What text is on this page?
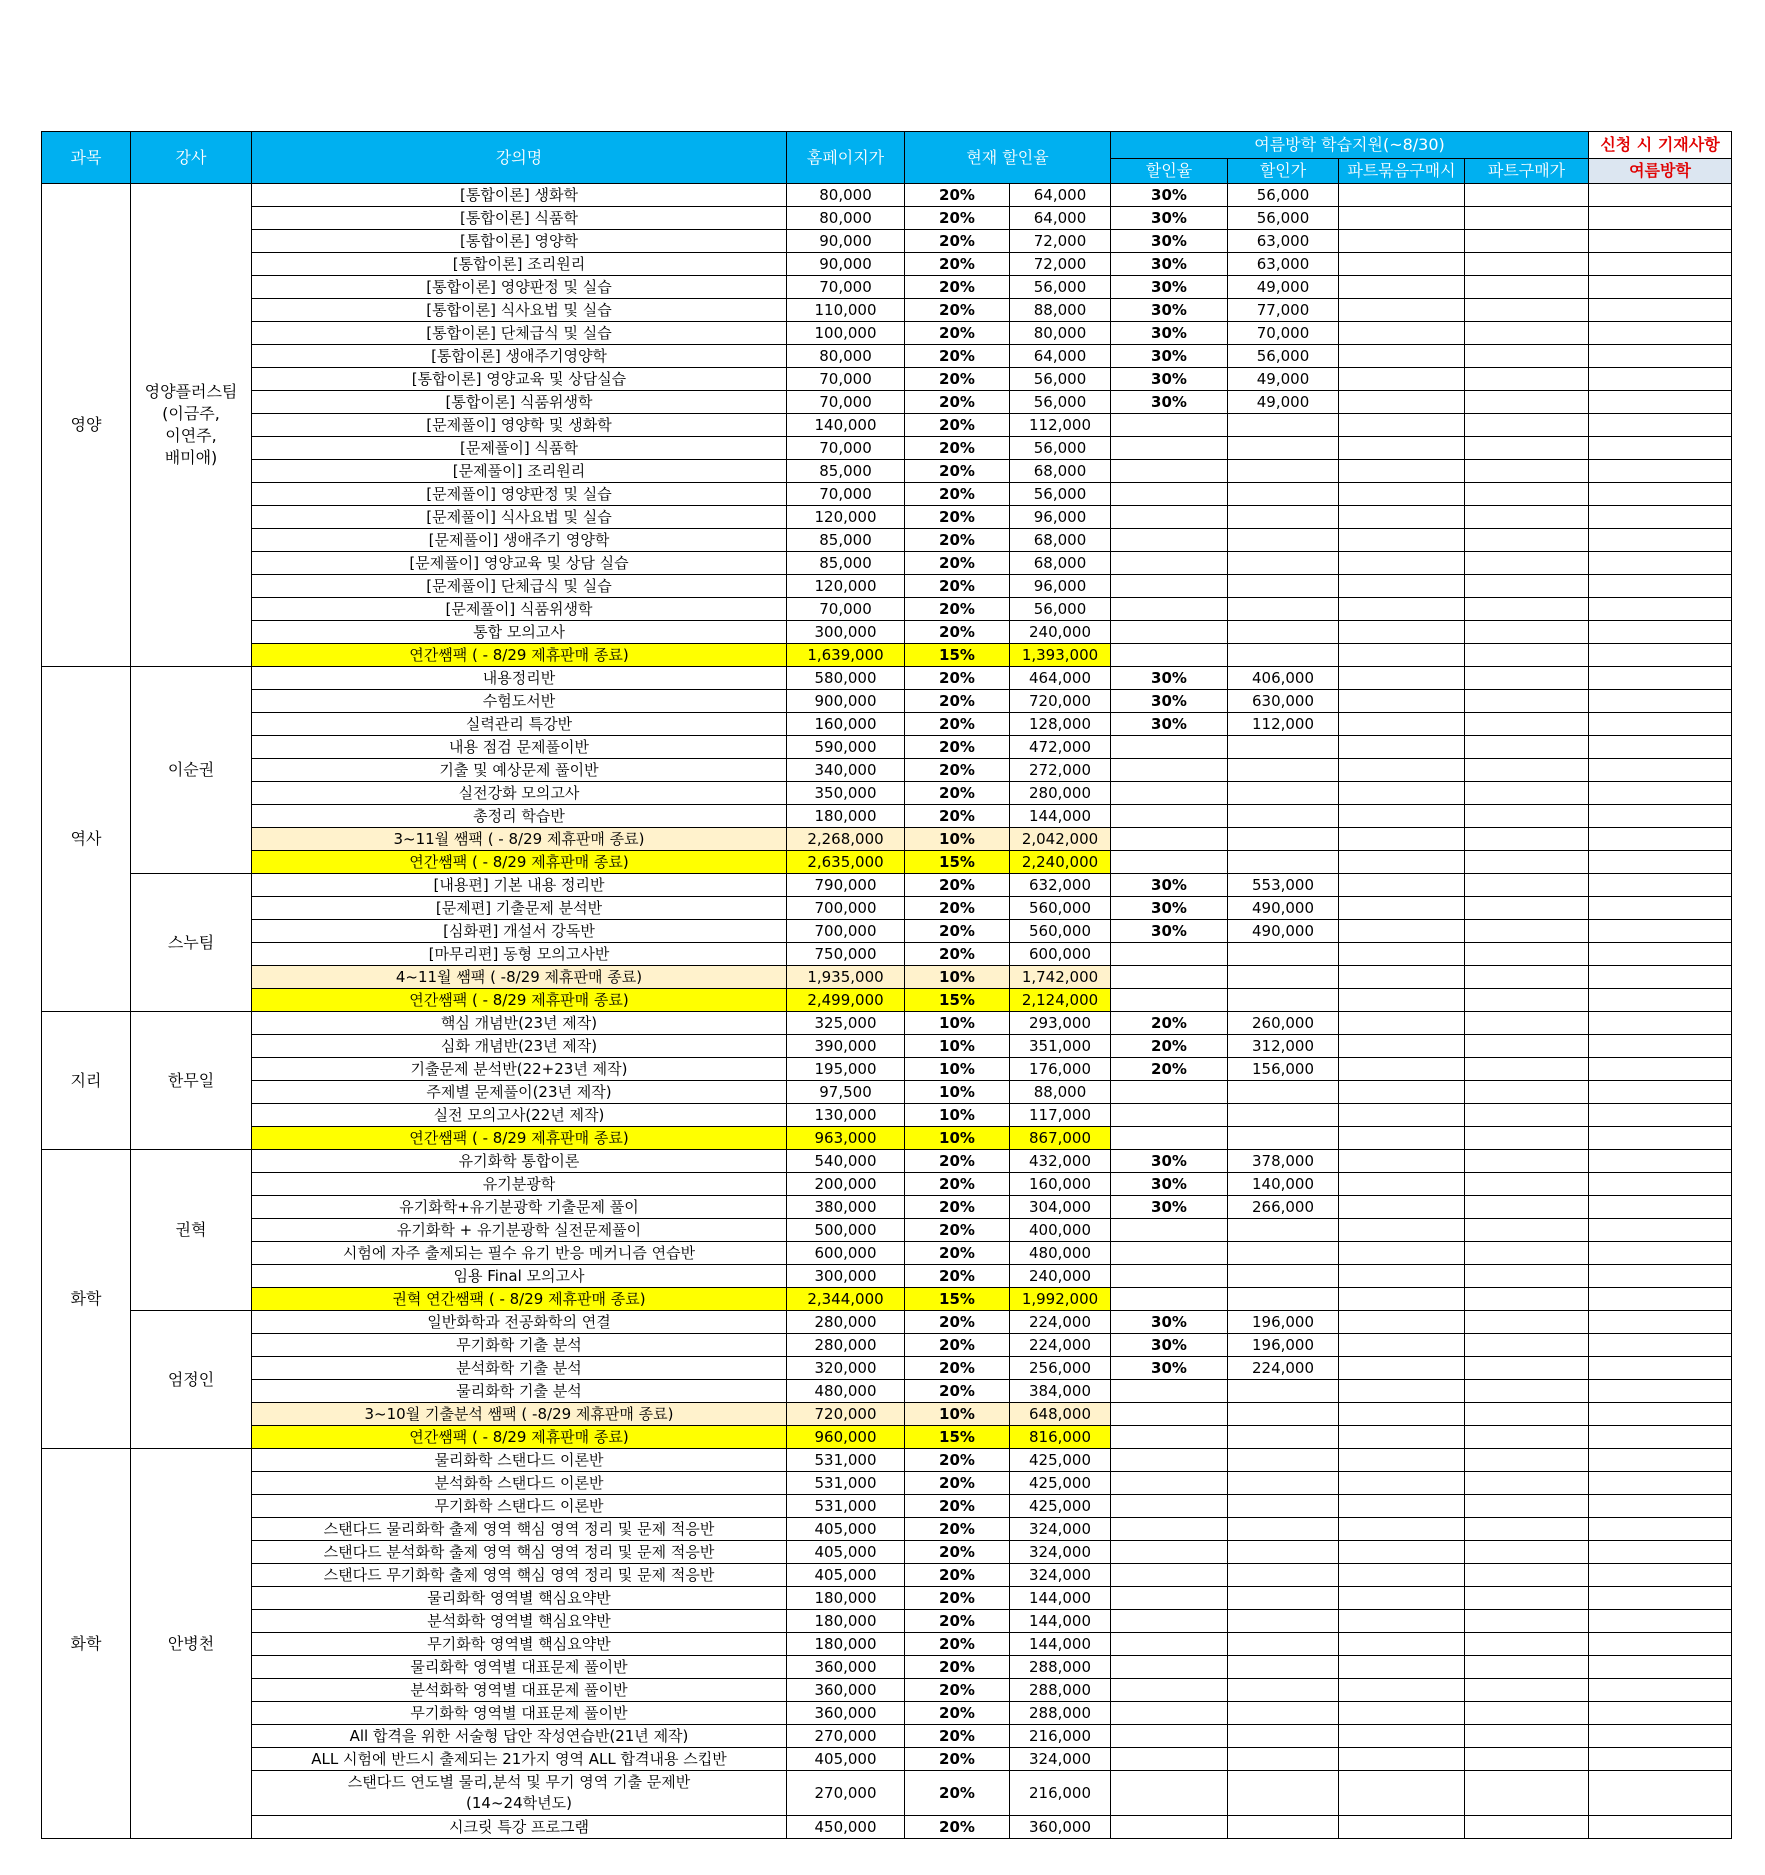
과목	강사	강의명	홈페이지가	현재 할인율		여름방학 학습지원(~8/30)				신청 시 기재사항
						할인율	할인가	파트묶음구매시	파트구매가	여름방학
영양	영양플러스팀
(이금주,
이연주,
배미애)	[통합이론] 생화학	80,000	20%	64,000	30%	56,000			
		[통합이론] 식품학	80,000	20%	64,000	30%	56,000			
		[통합이론] 영양학	90,000	20%	72,000	30%	63,000			
		[통합이론] 조리원리	90,000	20%	72,000	30%	63,000			
		[통합이론] 영양판정 및 실습	70,000	20%	56,000	30%	49,000			
		[통합이론] 식사요법 및 실습	110,000	20%	88,000	30%	77,000			
		[통합이론] 단체급식 및 실습	100,000	20%	80,000	30%	70,000			
		[통합이론] 생애주기영양학	80,000	20%	64,000	30%	56,000			
		[통합이론] 영양교육 및 상담실습	70,000	20%	56,000	30%	49,000			
		[통합이론] 식품위생학	70,000	20%	56,000	30%	49,000			
		[문제풀이] 영양학 및 생화학	140,000	20%	112,000					
		[문제풀이] 식품학	70,000	20%	56,000					
		[문제풀이] 조리원리	85,000	20%	68,000					
		[문제풀이] 영양판정 및 실습	70,000	20%	56,000					
		[문제풀이] 식사요법 및 실습	120,000	20%	96,000					
		[문제풀이] 생애주기 영양학	85,000	20%	68,000					
		[문제풀이] 영양교육 및 상담 실습	85,000	20%	68,000					
		[문제풀이] 단체급식 및 실습	120,000	20%	96,000					
		[문제풀이] 식품위생학	70,000	20%	56,000					
		통합 모의고사	300,000	20%	240,000					
		연간쌤팩 ( - 8/29 제휴판매 종료)	1,639,000	15%	1,393,000					
역사	이순권	내용정리반	580,000	20%	464,000	30%	406,000			
		수험도서반	900,000	20%	720,000	30%	630,000			
		실력관리 특강반	160,000	20%	128,000	30%	112,000			
		내용 점검 문제풀이반	590,000	20%	472,000					
		기출 및 예상문제 풀이반	340,000	20%	272,000					
		실전강화 모의고사	350,000	20%	280,000					
		총정리 학습반	180,000	20%	144,000					
		3~11월 쌤팩 ( - 8/29 제휴판매 종료)	2,268,000	10%	2,042,000					
		연간쌤팩 ( - 8/29 제휴판매 종료)	2,635,000	15%	2,240,000					
	스누팀	[내용편] 기본 내용 정리반	790,000	20%	632,000	30%	553,000			
		[문제편] 기출문제 분석반	700,000	20%	560,000	30%	490,000			
		[심화편] 개설서 강독반	700,000	20%	560,000	30%	490,000			
		[마무리편] 동형 모의고사반	750,000	20%	600,000					
		4~11월 쌤팩 ( -8/29 제휴판매 종료)	1,935,000	10%	1,742,000					
		연간쌤팩 ( - 8/29 제휴판매 종료)	2,499,000	15%	2,124,000					
지리	한무일	핵심 개념반(23년 제작)	325,000	10%	293,000	20%	260,000			
		심화 개념반(23년 제작)	390,000	10%	351,000	20%	312,000			
		기출문제 분석반(22+23년 제작)	195,000	10%	176,000	20%	156,000			
		주제별 문제풀이(23년 제작)	97,500	10%	88,000					
		실전 모의고사(22년 제작)	130,000	10%	117,000					
		연간쌤팩 ( - 8/29 제휴판매 종료)	963,000	10%	867,000					
화학	권혁	유기화학 통합이론	540,000	20%	432,000	30%	378,000			
		유기분광학	200,000	20%	160,000	30%	140,000			
		유기화학+유기분광학 기출문제 풀이	380,000	20%	304,000	30%	266,000			
		유기화학 + 유기분광학 실전문제풀이	500,000	20%	400,000					
		시험에 자주 출제되는 필수 유기 반응 메커니즘 연습반	600,000	20%	480,000					
		임용 Final 모의고사	300,000	20%	240,000					
		권혁 연간쌤팩 ( - 8/29 제휴판매 종료)	2,344,000	15%	1,992,000					
	엄정인	일반화학과 전공화학의 연결	280,000	20%	224,000	30%	196,000			
		무기화학 기출 분석	280,000	20%	224,000	30%	196,000			
		분석화학 기출 분석	320,000	20%	256,000	30%	224,000			
		물리화학 기출 분석	480,000	20%	384,000					
		3~10월 기출분석 쌤팩 ( -8/29 제휴판매 종료)	720,000	10%	648,000					
		연간쌤팩 ( - 8/29 제휴판매 종료)	960,000	15%	816,000					
화학	안병천	물리화학 스탠다드 이론반	531,000	20%	425,000					
		분석화학 스탠다드 이론반	531,000	20%	425,000					
		무기화학 스탠다드 이론반	531,000	20%	425,000					
		스탠다드 물리화학 출제 영역 핵심 영역 정리 및 문제 적응반	405,000	20%	324,000					
		스탠다드 분석화학 출제 영역 핵심 영역 정리 및 문제 적응반	405,000	20%	324,000					
		스탠다드 무기화학 출제 영역 핵심 영역 정리 및 문제 적응반	405,000	20%	324,000					
		물리화학 영역별 핵심요약반	180,000	20%	144,000					
		분석화학 영역별 핵심요약반	180,000	20%	144,000					
		무기화학 영역별 핵심요약반	180,000	20%	144,000					
		물리화학 영역별 대표문제 풀이반	360,000	20%	288,000					
		분석화학 영역별 대표문제 풀이반	360,000	20%	288,000					
		무기화학 영역별 대표문제 풀이반	360,000	20%	288,000					
		All 합격을 위한 서술형 답안 작성연습반(21년 제작)	270,000	20%	216,000					
		ALL 시험에 반드시 출제되는 21가지 영역 ALL 합격내용 스킵반	405,000	20%	324,000					
		스탠다드 연도별 물리,분석 및 무기 영역 기출 문제반
(14~24학년도)	270,000	20%	216,000					
		시크릿 특강 프로그램	450,000	20%	360,000					
